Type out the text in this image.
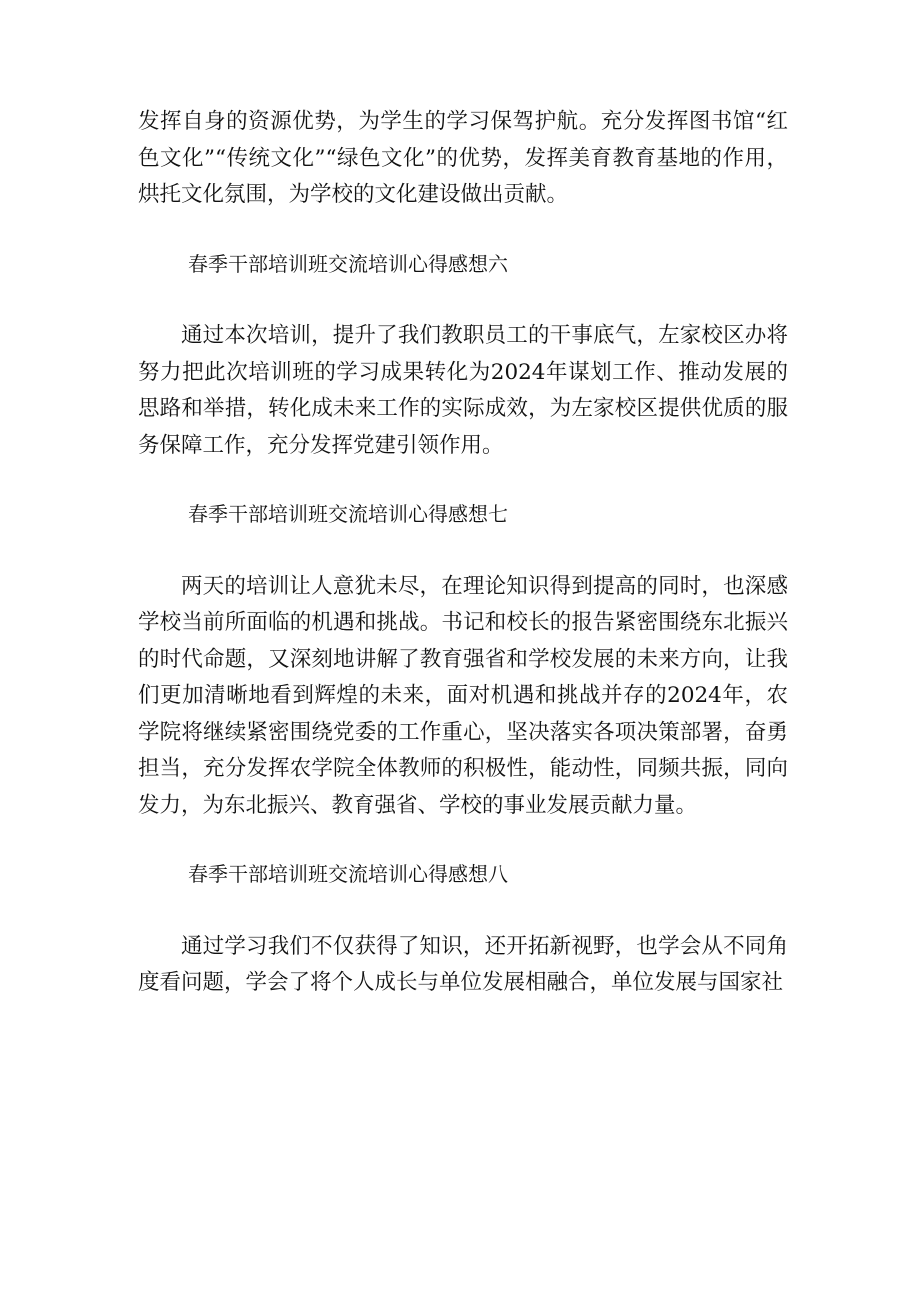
发挥自身的资源优势，为学生的学习保驾护航。充分发挥图书馆“红色文化”“传统文化”“绿色文化”的优势，发挥美育教育基地的作用，烘托文化氛围，为学校的文化建设做出贡献。

春季干部培训班交流培训心得感想六

通过本次培训，提升了我们教职员工的干事底气，左家校区办将努力把此次培训班的学习成果转化为2024年谋划工作、推动发展的思路和举措，转化成未来工作的实际成效，为左家校区提供优质的服务保障工作，充分发挥党建引领作用。

春季干部培训班交流培训心得感想七

两天的培训让人意犹未尽，在理论知识得到提高的同时，也深感学校当前所面临的机遇和挑战。书记和校长的报告紧密围绕东北振兴的时代命题，又深刻地讲解了教育强省和学校发展的未来方向，让我们更加清晰地看到辉煌的未来，面对机遇和挑战并存的2024年，农学院将继续紧密围绕党委的工作重心，坚决落实各项决策部署，奋勇担当，充分发挥农学院全体教师的积极性，能动性，同频共振，同向发力，为东北振兴、教育强省、学校的事业发展贡献力量。

春季干部培训班交流培训心得感想八

通过学习我们不仅获得了知识，还开拓新视野，也学会从不同角度看问题，学会了将个人成长与单位发展相融合，单位发展与国家社
